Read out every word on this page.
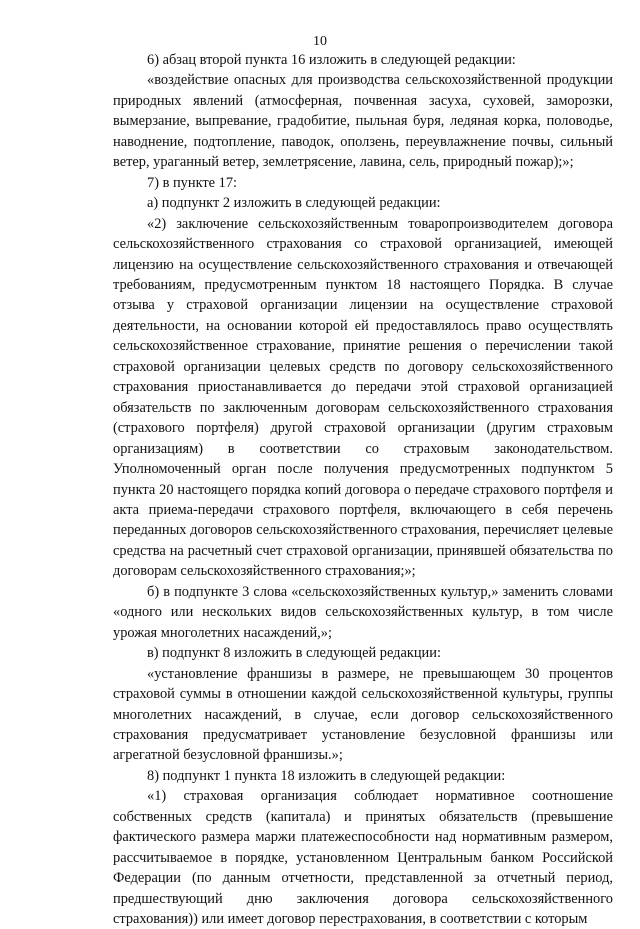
10

6) абзац второй пункта 16 изложить в следующей редакции:

«воздействие опасных для производства сельскохозяйственной продукции природных явлений (атмосферная, почвенная засуха, суховей, заморозки, вымерзание, выпревание, градобитие, пыльная буря, ледяная корка, половодье, наводнение, подтопление, паводок, оползень, переувлажнение почвы, сильный ветер, ураганный ветер, землетрясение, лавина, сель, природный пожар);»;

7) в пункте 17:

а) подпункт 2 изложить в следующей редакции:

«2) заключение сельскохозяйственным товаропроизводителем договора сельскохозяйственного страхования со страховой организацией, имеющей лицензию на осуществление сельскохозяйственного страхования и отвечающей требованиям, предусмотренным пунктом 18 настоящего Порядка. В случае отзыва у страховой организации лицензии на осуществление страховой деятельности, на основании которой ей предоставлялось право осуществлять сельскохозяйственное страхование, принятие решения о перечислении такой страховой организации целевых средств по договору сельскохозяйственного страхования приостанавливается до передачи этой страховой организацией обязательств по заключенным договорам сельскохозяйственного страхования (страхового портфеля) другой страховой организации (другим страховым организациям) в соответствии со страховым законодательством. Уполномоченный орган после получения предусмотренных подпунктом 5 пункта 20 настоящего порядка копий договора о передаче страхового портфеля и акта приема-передачи страхового портфеля, включающего в себя перечень переданных договоров сельскохозяйственного страхования, перечисляет целевые средства на расчетный счет страховой организации, принявшей обязательства по договорам сельскохозяйственного страхования;»;

б) в подпункте 3 слова «сельскохозяйственных культур,» заменить словами «одного или нескольких видов сельскохозяйственных культур, в том числе урожая многолетних насаждений,»;

в) подпункт 8 изложить в следующей редакции:

«установление франшизы в размере, не превышающем 30 процентов страховой суммы в отношении каждой сельскохозяйственной культуры, группы многолетних насаждений, в случае, если договор сельскохозяйственного страхования предусматривает установление безусловной франшизы или агрегатной безусловной франшизы.»;

8) подпункт 1 пункта 18 изложить в следующей редакции:

«1) страховая организация соблюдает нормативное соотношение собственных средств (капитала) и принятых обязательств (превышение фактического размера маржи платежеспособности над нормативным размером, рассчитываемое в порядке, установленном Центральным банком Российской Федерации (по данным отчетности, представленной за отчетный период, предшествующий дню заключения договора сельскохозяйственного страхования)) или имеет договор перестрахования, в соответствии с которым
